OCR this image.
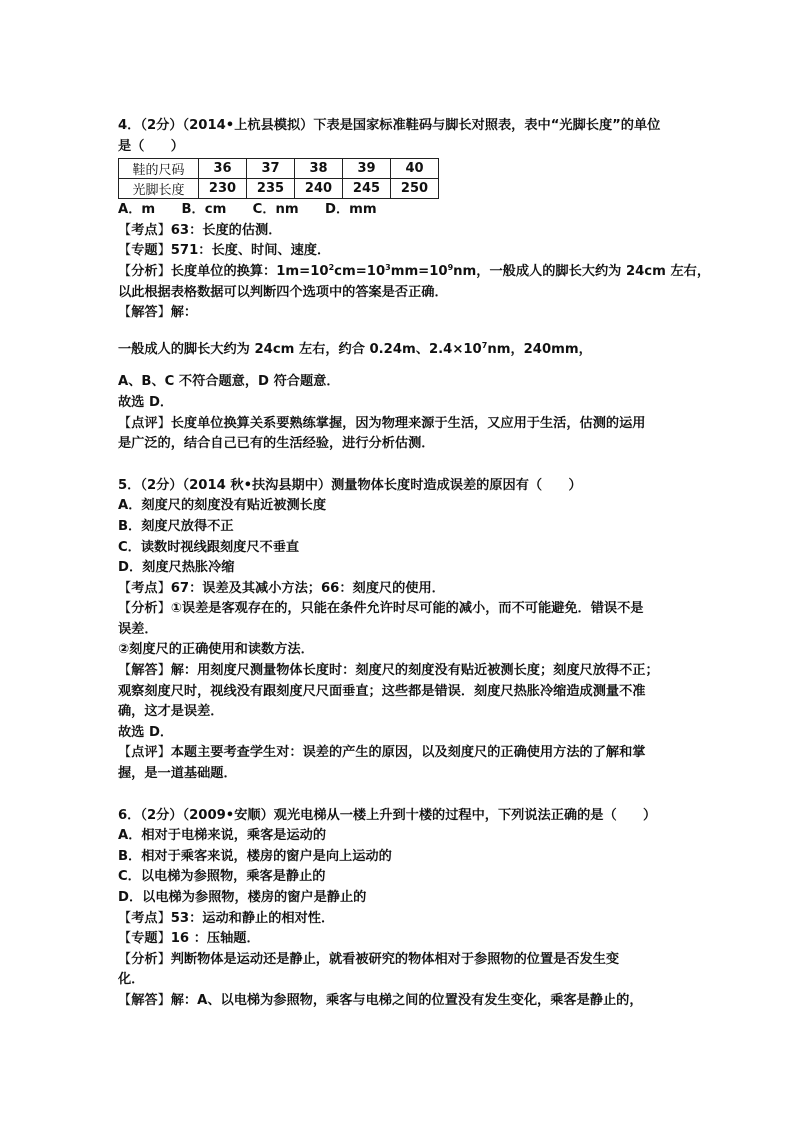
4．（2分）（2014•上杭县模拟）下表是国家标准鞋码与脚长对照表，表中“光脚长度”的单位
是（　　）
鞋的尺码	36	37	38	39	40
光脚长度	230	235	240	245	250
A．m　　B．cm　　C．nm　　D．mm
【考点】63：长度的估测．
【专题】571：长度、时间、速度．
【分析】长度单位的换算：$1m=10^2cm=10^3mm=10^9nm$，一般成人的脚长大约为 24cm 左右，
以此根据表格数据可以判断四个选项中的答案是否正确．
【解答】解：
一般成人的脚长大约为 24cm 左右，约合 0.24m、$2.4\times 10^7nm$，240mm，
A、B、C 不符合题意，D 符合题意．
故选 D．
【点评】长度单位换算关系要熟练掌握，因为物理来源于生活，又应用于生活，估测的运用
是广泛的，结合自己已有的生活经验，进行分析估测．
5．（2分）（2014 秋•扶沟县期中）测量物体长度时造成误差的原因有（　　）
A．刻度尺的刻度没有贴近被测长度
B．刻度尺放得不正
C．读数时视线跟刻度尺不垂直
D．刻度尺热胀冷缩
【考点】67：误差及其减小方法；66：刻度尺的使用．
【分析】①误差是客观存在的，只能在条件允许时尽可能的减小，而不可能避免．错误不是
误差．
②刻度尺的正确使用和读数方法．
【解答】解：用刻度尺测量物体长度时：刻度尺的刻度没有贴近被测长度；刻度尺放得不正；
观察刻度尺时，视线没有跟刻度尺尺面垂直；这些都是错误．刻度尺热胀冷缩造成测量不准
确，这才是误差．
故选 D．
【点评】本题主要考查学生对：误差的产生的原因，以及刻度尺的正确使用方法的了解和掌
握，是一道基础题．
6．（2分）（2009•安顺）观光电梯从一楼上升到十楼的过程中，下列说法正确的是（　　）
A．相对于电梯来说，乘客是运动的
B．相对于乘客来说，楼房的窗户是向上运动的
C．以电梯为参照物，乘客是静止的
D．以电梯为参照物，楼房的窗户是静止的
【考点】53：运动和静止的相对性．
【专题】16 ：压轴题．
【分析】判断物体是运动还是静止，就看被研究的物体相对于参照物的位置是否发生变
化．
【解答】解：A、以电梯为参照物，乘客与电梯之间的位置没有发生变化，乘客是静止的，
